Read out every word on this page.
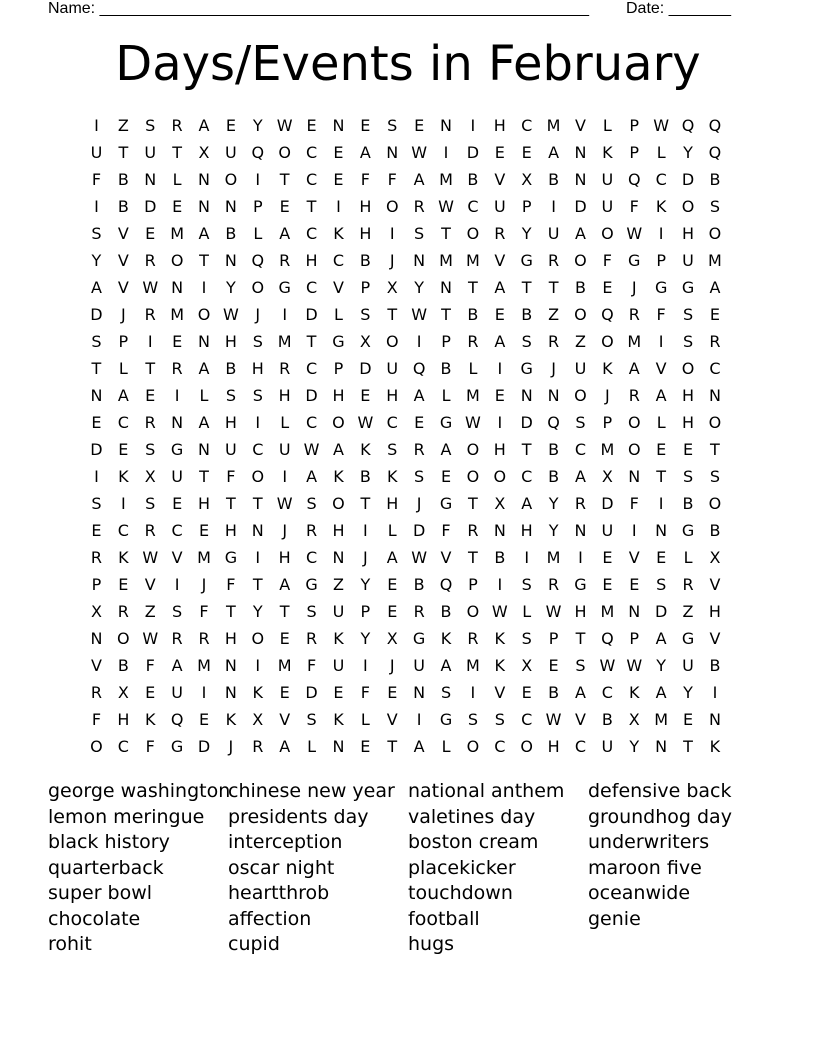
Name: _______________________________________________________ Date: _______
Days/Events in February
I	Z	S	R A	E	Y W E N E	S	E N	I	H C M V	L	P W Q Q
U	T	U	T	X U Q O C	E	A N W	I	D E	E	A N K	P	L	Y Q
F	B N	L	N O	I	T	C	E	F	F	A M B V X B N U Q C D B
I	B D E N N	P	E	T	I	H O R W C U	P	I	D U	F	K O S
S	V	E M A B	L	A C	K H	I	S	T O R	Y	U A O W	I	H O
Y	V R O T	N Q R H C B	J	N M M V G R O	F	G P	U M
A V W N	I	Y O G C V	P	X	Y	N	T	A	T	T	B	E	J	G G A
D	J	R M O W	J	I	D	L	S	T W T	B	E	B Z O Q R	F	S	E
S	P	I	E N H S M T G X O	I	P	R A	S	R Z O M	I	S	R
T	L	T	R A B H R C	P D U Q B	L	I	G	J	U K	A V O C
N A	E	I	L	S	S H D H E H A	L M E N N O	J	R A H N
E	C R N A H	I	L	C O W C	E G W	I	D Q S	P O	L	H O
D E	S G N U C U W A	K	S	R A O H T	B C M O E	E	T
I	K	X U	T	F O	I	A	K	B	K	S	E O O C B A X N	T	S	S
S	I	S	E H T	T W S O T H	J	G T	X A	Y	R D	F	I	B O
E	C R C	E H N	J	R H	I	L	D	F	R N H Y	N U	I	N G B
R	K W V M G	I	H C N	J	A W V	T	B	I	M	I	E	V	E	L	X
P	E	V	I	J	F	T	A G Z	Y	E	B Q P	I	S	R G E	E	S	R V
X R Z	S	F	T	Y	T	S U	P	E	R B O W L W H M N D Z H
N O W R R H O E	R	K	Y	X G K	R	K	S	P	T Q P	A G V
V B	F	A M N	I	M F	U	I	J	U A M K	X	E	S W W Y	U B
R X	E U	I	N K	E D E	F	E N S	I	V	E	B A C	K	A	Y	I
F	H K Q E	K	X V	S	K	L	V	I	G S	S	C W V B X M E N
O C	F	G D	J	R A	L	N E	T	A	L	O C O H C U	Y	N	T	K
george washington
lemon meringue
black history
quarterback
super bowl
chocolate
rohit
chinese new year
presidents day
interception
oscar night
heartthrob
affection
cupid
national anthem
valetines day
boston cream
placekicker
touchdown
football
hugs
defensive back
groundhog day
underwriters
maroon five
oceanwide
genie
